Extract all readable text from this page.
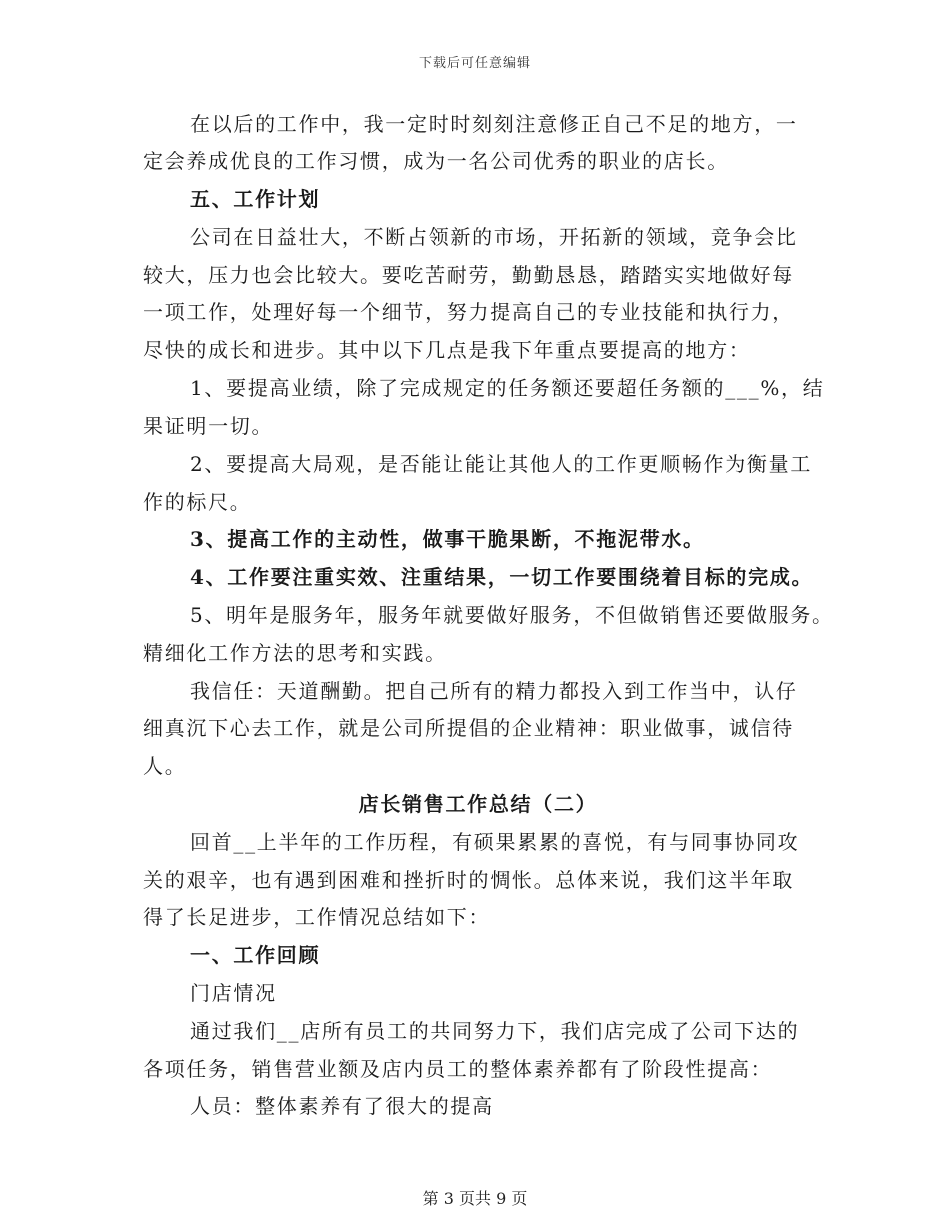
下载后可任意编辑
在以后的工作中，我一定时时刻刻注意修正自己不足的地方，一
定会养成优良的工作习惯，成为一名公司优秀的职业的店长。
五、工作计划
公司在日益壮大，不断占领新的市场，开拓新的领域，竞争会比
较大，压力也会比较大。要吃苦耐劳，勤勤恳恳，踏踏实实地做好每
一项工作，处理好每一个细节，努力提高自己的专业技能和执行力，
尽快的成长和进步。其中以下几点是我下年重点要提高的地方：
1、要提高业绩，除了完成规定的任务额还要超任务额的___%，结
果证明一切。
2、要提高大局观，是否能让能让其他人的工作更顺畅作为衡量工
作的标尺。
3、提高工作的主动性，做事干脆果断，不拖泥带水。
4、工作要注重实效、注重结果，一切工作要围绕着目标的完成。
5、明年是服务年，服务年就要做好服务，不但做销售还要做服务。
精细化工作方法的思考和实践。
我信任：天道酬勤。把自己所有的精力都投入到工作当中，认仔
细真沉下心去工作，就是公司所提倡的企业精神：职业做事，诚信待
人。
店长销售工作总结（二）
回首__上半年的工作历程，有硕果累累的喜悦，有与同事协同攻
关的艰辛，也有遇到困难和挫折时的惆怅。总体来说，我们这半年取
得了长足进步，工作情况总结如下：
一、工作回顾
门店情况
通过我们__店所有员工的共同努力下，我们店完成了公司下达的
各项任务，销售营业额及店内员工的整体素养都有了阶段性提高：
人员：整体素养有了很大的提高
第 3 页共 9 页
